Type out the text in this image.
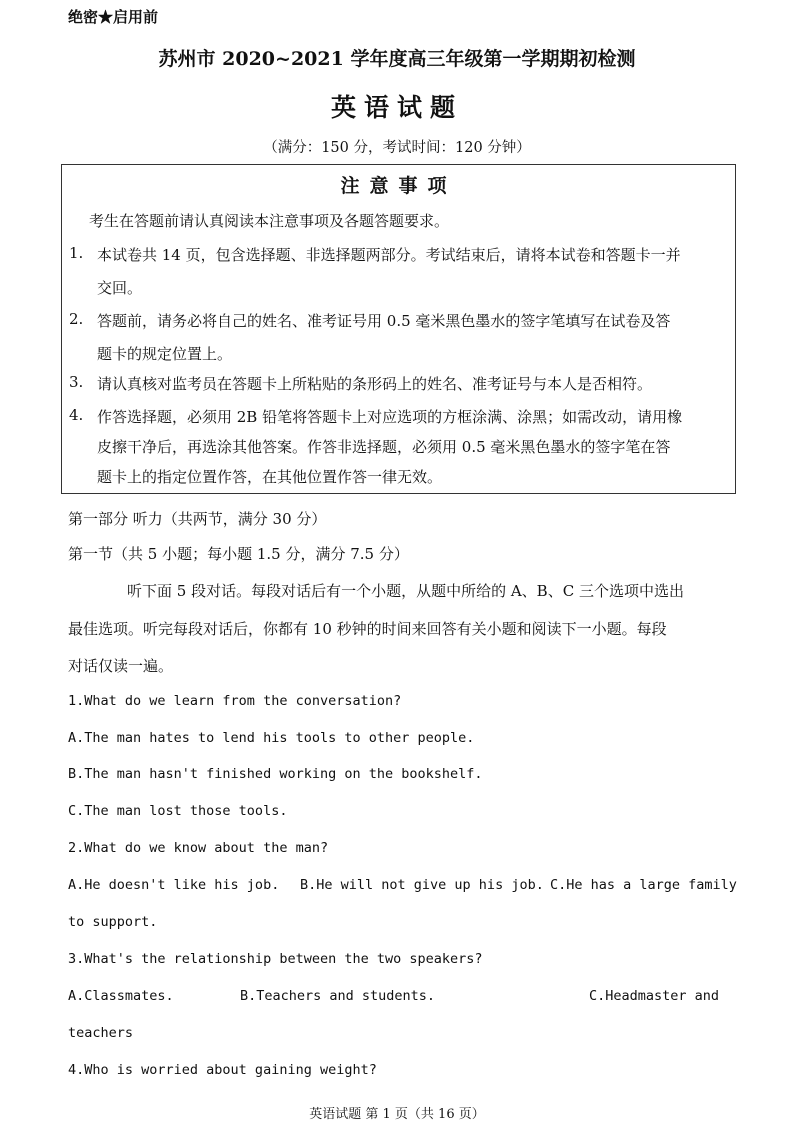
绝密★启用前
苏州市 2020~2021 学年度高三年级第一学期期初检测
英语试题
（满分：150 分，考试时间：120 分钟）
注意事项
考生在答题前请认真阅读本注意事项及各题答题要求。
1. 本试卷共 14 页，包含选择题、非选择题两部分。考试结束后，请将本试卷和答题卡一并
交回。
2. 答题前，请务必将自己的姓名、准考证号用 0.5 毫米黑色墨水的签字笔填写在试卷及答
题卡的规定位置上。
3. 请认真核对监考员在答题卡上所粘贴的条形码上的姓名、准考证号与本人是否相符。
4. 作答选择题，必须用 2B 铅笔将答题卡上对应选项的方框涂满、涂黑；如需改动，请用橡
皮擦干净后，再选涂其他答案。作答非选择题，必须用 0.5 毫米黑色墨水的签字笔在答
题卡上的指定位置作答，在其他位置作答一律无效。
第一部分 听力（共两节，满分 30 分）
第一节（共 5 小题；每小题 1.5 分，满分 7.5 分）
听下面 5 段对话。每段对话后有一个小题，从题中所给的 A、B、C 三个选项中选出
最佳选项。听完每段对话后，你都有 10 秒钟的时间来回答有关小题和阅读下一小题。每段
对话仅读一遍。
1.What do we learn from the conversation?
A.The man hates to lend his tools to other people.
B.The man hasn't finished working on the bookshelf.
C.The man lost those tools.
2.What do we know about the man?
A.He doesn't like his job. B.He will not give up his job. C.He has a large family
to support.
3.What's the relationship between the two speakers?
A.Classmates.	B.Teachers and students.	C.Headmaster and
teachers
4.Who is worried about gaining weight?
英语试题 第 1 页（共 16 页）
